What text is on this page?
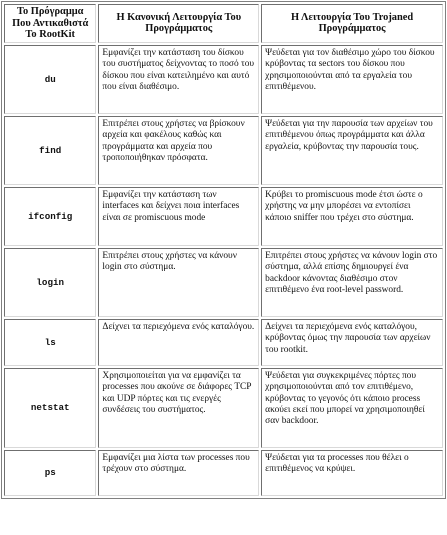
Το Πρόγραμμα Που Αντικαθιστά Το RootKit	Η Κανονική Λειτουργία Του Προγράμματος	Η Λειτουργία Του Trojaned Προγράμματος
du	Εμφανίζει την κατάσταση του δίσκου του συστήματος δείχνοντας το ποσό του δίσκου που είναι κατειλημένο και αυτό που είναι διαθέσιμο.	Ψεύδεται για τον διαθέσιμο χώρο του δίσκου κρύβοντας τα sectors του δίσκου που χρησιμοποιούνται από τα εργαλεία του επιτιθέμενου.
find	Επιτρέπει στους χρήστες να βρίσκουν αρχεία και φακέλους καθώς και προγράμματα και αρχεία που τροποποιήθηκαν πρόσφατα.	Ψεύδεται για την παρουσία των αρχείων του επιτιθέμενου όπως προγράμματα και άλλα εργαλεία, κρύβοντας την παρουσία τους.
ifconfig	Εμφανίζει την κατάσταση των interfaces και δείχνει ποια interfaces είναι σε promiscuous mode	Κρύβει το promiscuous mode έτσι ώστε ο χρήστης να μην μπορέσει να εντοπίσει κάποιο sniffer που τρέχει στο σύστημα.
login	Επιτρέπει στους χρήστες να κάνουν login στο σύστημα.	Επιτρέπει στους χρήστες να κάνουν login στο σύστημα, αλλά επίσης δημιουργεί ένα backdoor κάνοντας διαθέσιμο στον επιτιθέμενο ένα root-level password.
ls	Δείχνει τα περιεχόμενα ενός καταλόγου.	Δείχνει τα περιεχόμενα ενός καταλόγου, κρύβοντας όμως την παρουσία των αρχείων του rootkit.
netstat	Χρησιμοποιείται για να εμφανίζει τα processes που ακούνε σε διάφορες TCP και UDP πόρτες και τις ενεργές συνδέσεις του συστήματος.	Ψεύδεται για συγκεκριμένες πόρτες που χρησιμοποιούνται από τον επιτιθέμενο, κρύβοντας το γεγονός ότι κάποιο process ακούει εκεί που μπορεί να χρησιμοποιηθεί σαν backdoor.
ps	Εμφανίζει μια λίστα των processes που τρέχουν στο σύστημα.	Ψεύδεται για τα processes που θέλει ο επιτιθέμενος να κρύψει.
